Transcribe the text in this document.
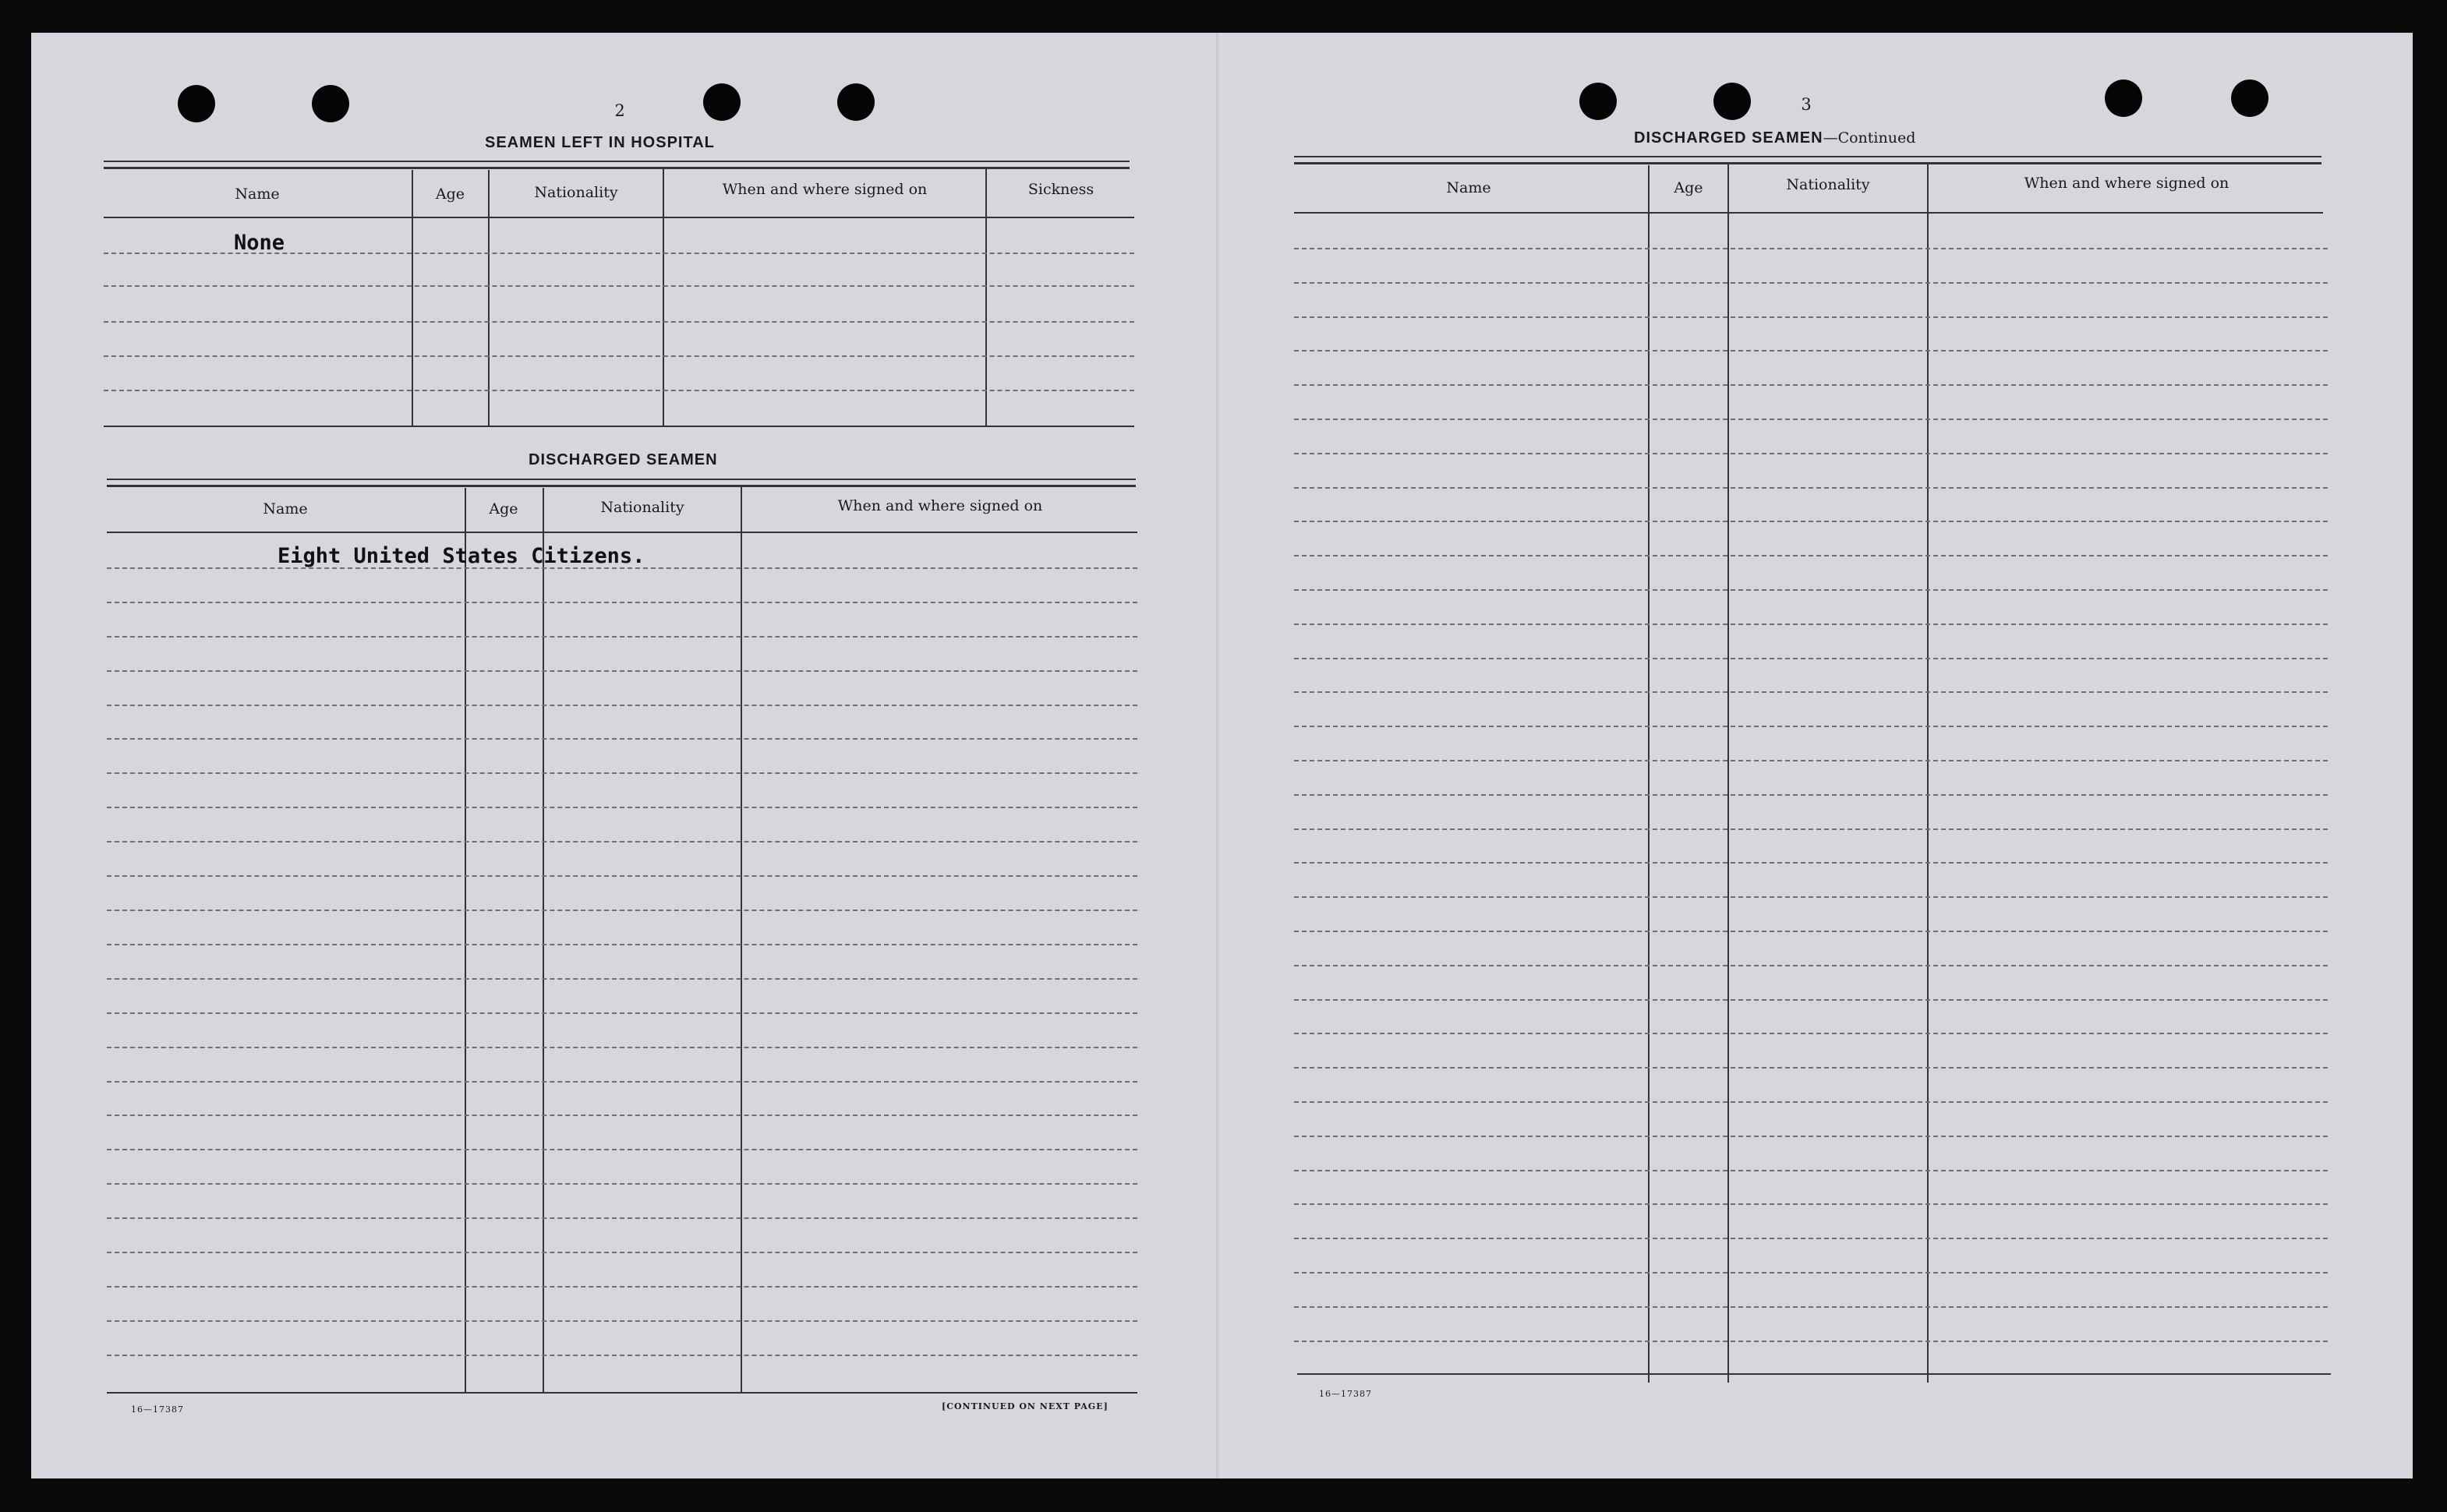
2
SEAMEN LEFT IN HOSPITAL
Name	Age	Nationality	When and where signed on	Sickness
None
DISCHARGED SEAMEN
Name	Age	Nationality	When and where signed on
Eight United States Citizens.
16—17387	[CONTINUED ON NEXT PAGE]
3
DISCHARGED SEAMEN—Continued
Name	Age	Nationality	When and where signed on
16—17387
